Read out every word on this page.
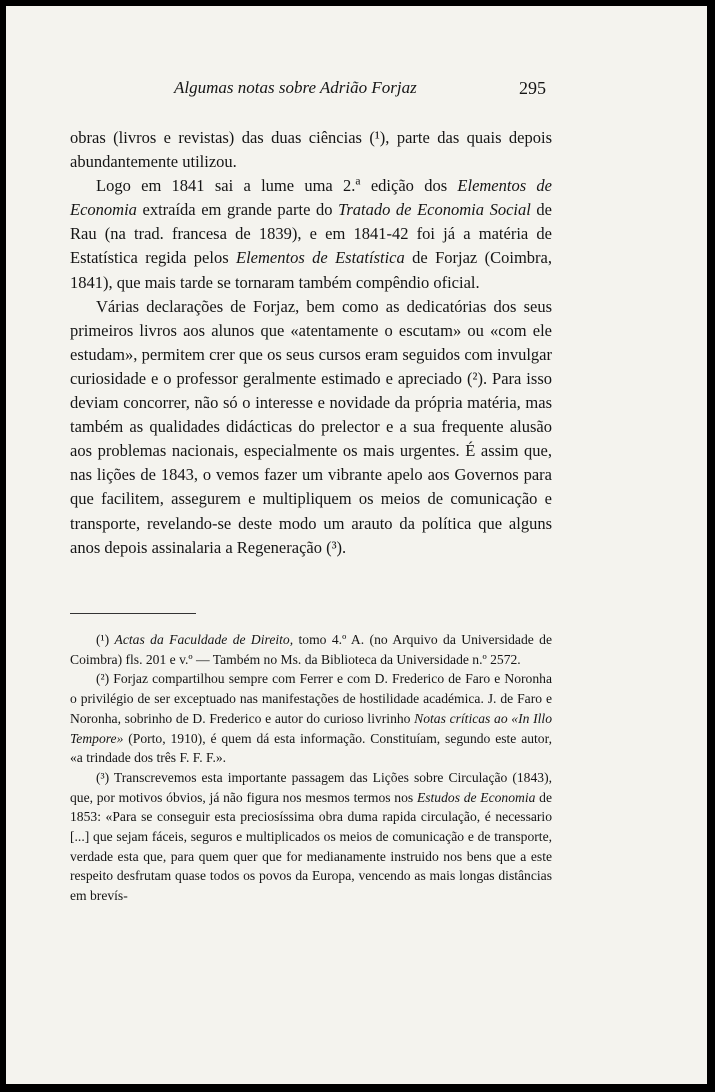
Algumas notas sobre Adrião Forjaz	295

obras (livros e revistas) das duas ciências (¹), parte das quais depois abundantemente utilizou.

Logo em 1841 sai a lume uma 2.$^a$ edição dos Elementos de Economia extraída em grande parte do Tratado de Economia Social de Rau (na trad. francesa de 1839), e em 1841-42 foi já a matéria de Estatística regida pelos Elementos de Estatística de Forjaz (Coimbra, 1841), que mais tarde se tornaram também compêndio oficial.

Várias declarações de Forjaz, bem como as dedicatórias dos seus primeiros livros aos alunos que «atentamente o escutam» ou «com ele estudam», permitem crer que os seus cursos eram seguidos com invulgar curiosidade e o professor geralmente estimado e apreciado (²). Para isso deviam concorrer, não só o interesse e novidade da própria matéria, mas também as qualidades didácticas do prelector e a sua frequente alusão aos problemas nacionais, especialmente os mais urgentes. É assim que, nas lições de 1843, o vemos fazer um vibrante apelo aos Governos para que facilitem, assegurem e multipliquem os meios de comunicação e transporte, revelando-se deste modo um arauto da política que alguns anos depois assinalaria a Regeneração (³).

(¹) Actas da Faculdade de Direito, tomo 4.º A. (no Arquivo da Universidade de Coimbra) fls. 201 e v.º — Também no Ms. da Biblioteca da Universidade n.º 2572.

(²) Forjaz compartilhou sempre com Ferrer e com D. Frederico de Faro e Noronha o privilégio de ser exceptuado nas manifestações de hostilidade académica. J. de Faro e Noronha, sobrinho de D. Frederico e autor do curioso livrinho Notas críticas ao «In Illo Tempore» (Porto, 1910), é quem dá esta informação. Constituíam, segundo este autor, «a trindade dos três F. F. F.».

(³) Transcrevemos esta importante passagem das Lições sobre Circulação (1843), que, por motivos óbvios, já não figura nos mesmos termos nos Estudos de Economia de 1853: «Para se conseguir esta preciosíssima obra duma rapida circulação, é necessario [...] que sejam fáceis, seguros e multiplicados os meios de comunicação e de transporte, verdade esta que, para quem quer que for medianamente instruido nos bens que a este respeito desfrutam quase todos os povos da Europa, vencendo as mais longas distâncias em brevís-
